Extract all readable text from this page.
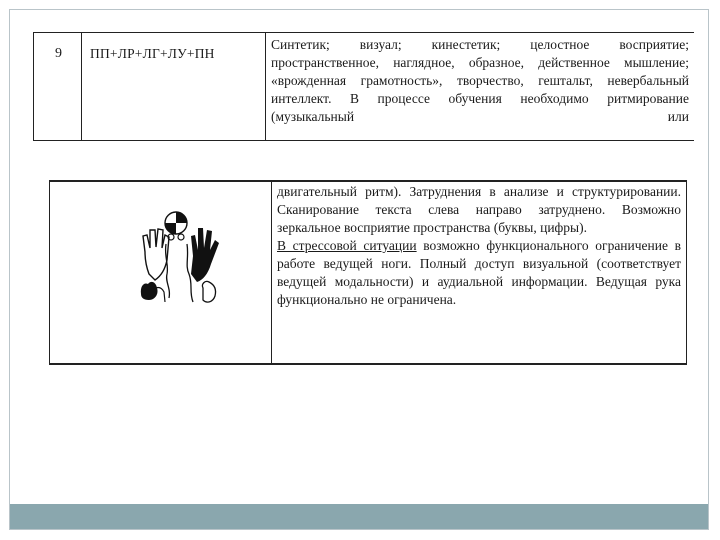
9 ПП+ЛР+ЛГ+ЛУ+ПН
Синтетик; визуал; кинестетик; целостное восприятие; пространственное, наглядное, образное, действенное мышление; «врожденная грамотность», творчество, гештальт, невербальный интеллект. В процессе обучения необходимо ритмирование (музыкальный или

двигательный ритм). Затруднения в анализе и структурировании. Сканирование текста слева направо затруднено. Возможно зеркальное восприятие пространства (буквы, цифры).

В стрессовой ситуации возможно функционального ограничение в работе ведущей ноги. Полный доступ визуальной (соответствует ведущей модальности) и аудиальной информации. Ведущая рука функционально не ограничена.
